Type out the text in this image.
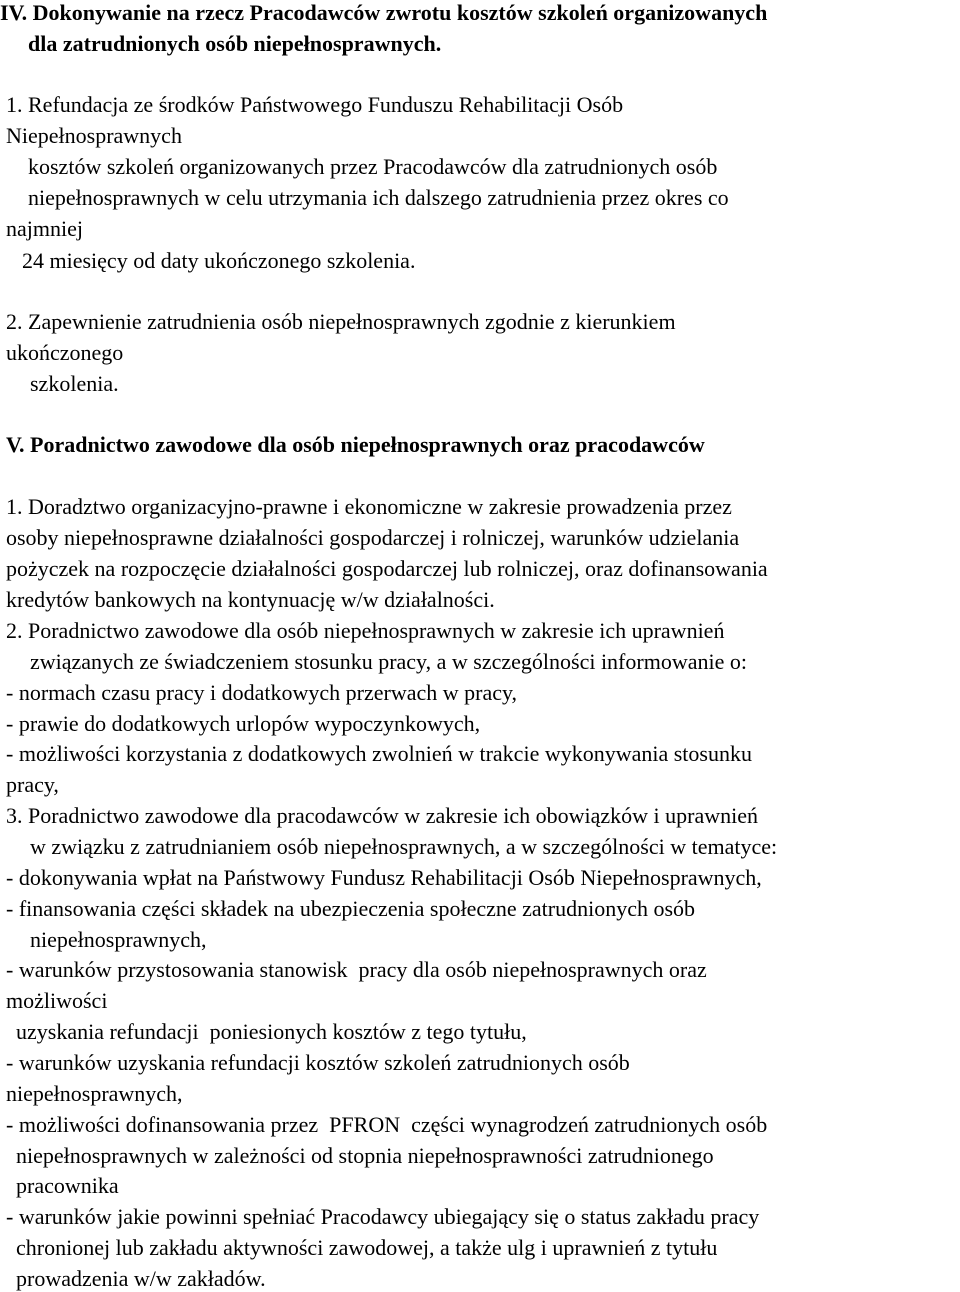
IV. Dokonywanie na rzecz Pracodawców zwrotu kosztów szkoleń organizowanych
dla zatrudnionych osób niepełnosprawnych.
1. Refundacja ze środków Państwowego Funduszu Rehabilitacji Osób
Niepełnosprawnych
kosztów szkoleń organizowanych przez Pracodawców dla zatrudnionych osób
niepełnosprawnych w celu utrzymania ich dalszego zatrudnienia przez okres co
najmniej
24 miesięcy od daty ukończonego szkolenia.
2. Zapewnienie zatrudnienia osób niepełnosprawnych zgodnie z kierunkiem
ukończonego
szkolenia.
V. Poradnictwo zawodowe dla osób niepełnosprawnych oraz pracodawców
1. Doradztwo organizacyjno-prawne i ekonomiczne w zakresie prowadzenia przez
osoby niepełnosprawne działalności gospodarczej i rolniczej, warunków udzielania
pożyczek na rozpoczęcie działalności gospodarczej lub rolniczej, oraz dofinansowania
kredytów bankowych na kontynuację w/w działalności.
2. Poradnictwo zawodowe dla osób niepełnosprawnych w zakresie ich uprawnień
związanych ze świadczeniem stosunku pracy, a w szczególności informowanie o:
- normach czasu pracy i dodatkowych przerwach w pracy,
- prawie do dodatkowych urlopów wypoczynkowych,
- możliwości korzystania z dodatkowych zwolnień w trakcie wykonywania stosunku
pracy,
3. Poradnictwo zawodowe dla pracodawców w zakresie ich obowiązków i uprawnień
w związku z zatrudnianiem osób niepełnosprawnych, a w szczególności w tematyce:
- dokonywania wpłat na Państwowy Fundusz Rehabilitacji Osób Niepełnosprawnych,
- finansowania części składek na ubezpieczenia społeczne zatrudnionych osób
niepełnosprawnych,
- warunków przystosowania stanowisk  pracy dla osób niepełnosprawnych oraz
możliwości
uzyskania refundacji  poniesionych kosztów z tego tytułu,
- warunków uzyskania refundacji kosztów szkoleń zatrudnionych osób
niepełnosprawnych,
- możliwości dofinansowania przez  PFRON  części wynagrodzeń zatrudnionych osób
niepełnosprawnych w zależności od stopnia niepełnosprawności zatrudnionego
pracownika
- warunków jakie powinni spełniać Pracodawcy ubiegający się o status zakładu pracy
chronionej lub zakładu aktywności zawodowej, a także ulg i uprawnień z tytułu
prowadzenia w/w zakładów.
